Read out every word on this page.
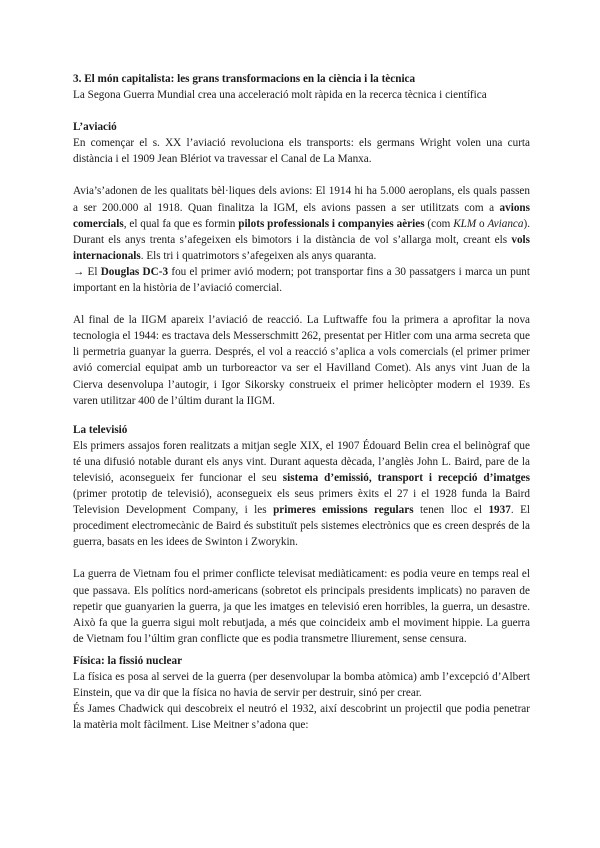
3. El món capitalista: les grans transformacions en la ciència i la tècnica

La Segona Guerra Mundial crea una acceleració molt ràpida en la recerca tècnica i científica

L’aviació

En començar el s. XX l’aviació revoluciona els transports: els germans Wright volen una curta distància i el 1909 Jean Blériot va travessar el Canal de La Manxa.

Avia’s’adonen de les qualitats bèl·liques dels avions: El 1914 hi ha 5.000 aeroplans, els quals passen a ser 200.000 al 1918. Quan finalitza la IGM, els avions passen a ser utilitzats com a avions comercials, el qual fa que es formin pilots professionals i companyies aèries (com KLM o Avianca). Durant els anys trenta s’afegeixen els bimotors i la distància de vol s’allarga molt, creant els vols internacionals. Els tri i quatrimotors s’afegeixen als anys quaranta.

→ El Douglas DC-3 fou el primer avió modern; pot transportar fins a 30 passatgers i marca un punt important en la història de l’aviació comercial.

Al final de la IIGM apareix l’aviació de reacció. La Luftwaffe fou la primera a aprofitar la nova tecnologia el 1944: es tractava dels Messerschmitt 262, presentat per Hitler com una arma secreta que li permetria guanyar la guerra. Després, el vol a reacció s’aplica a vols comercials (el primer primer avió comercial equipat amb un turboreactor va ser el Havilland Comet). Als anys vint Juan de la Cierva desenvolupa l’autogir, i Igor Sikorsky construeix el primer helicòpter modern el 1939. Es varen utilitzar 400 de l’últim durant la IIGM.

La televisió

Els primers assajos foren realitzats a mitjan segle XIX, el 1907 Édouard Belin crea el belinògraf que té una difusió notable durant els anys vint. Durant aquesta dècada, l’anglès John L. Baird, pare de la televisió, aconsegueix fer funcionar el seu sistema d’emissió, transport i recepció d’imatges (primer prototip de televisió), aconsegueix els seus primers èxits el 27 i el 1928 funda la Baird Television Development Company, i les primeres emissions regulars tenen lloc el 1937. El procediment electromecànic de Baird és substituït pels sistemes electrònics que es creen després de la guerra, basats en les idees de Swinton i Zworykin.

La guerra de Vietnam fou el primer conflicte televisat mediàticament: es podia veure en temps real el que passava. Els polítics nord-americans (sobretot els principals presidents implicats) no paraven de repetir que guanyarien la guerra, ja que les imatges en televisió eren horribles, la guerra, un desastre. Això fa que la guerra sigui molt rebutjada, a més que coincideix amb el moviment hippie. La guerra de Vietnam fou l’últim gran conflicte que es podia transmetre lliurement, sense censura.

Física: la fissió nuclear

La física es posa al servei de la guerra (per desenvolupar la bomba atòmica) amb l’excepció d’Albert Einstein, que va dir que la física no havia de servir per destruir, sinó per crear.

És James Chadwick qui descobreix el neutró el 1932, així descobrint un projectil que podia penetrar la matèria molt fàcilment. Lise Meitner s’adona que:
